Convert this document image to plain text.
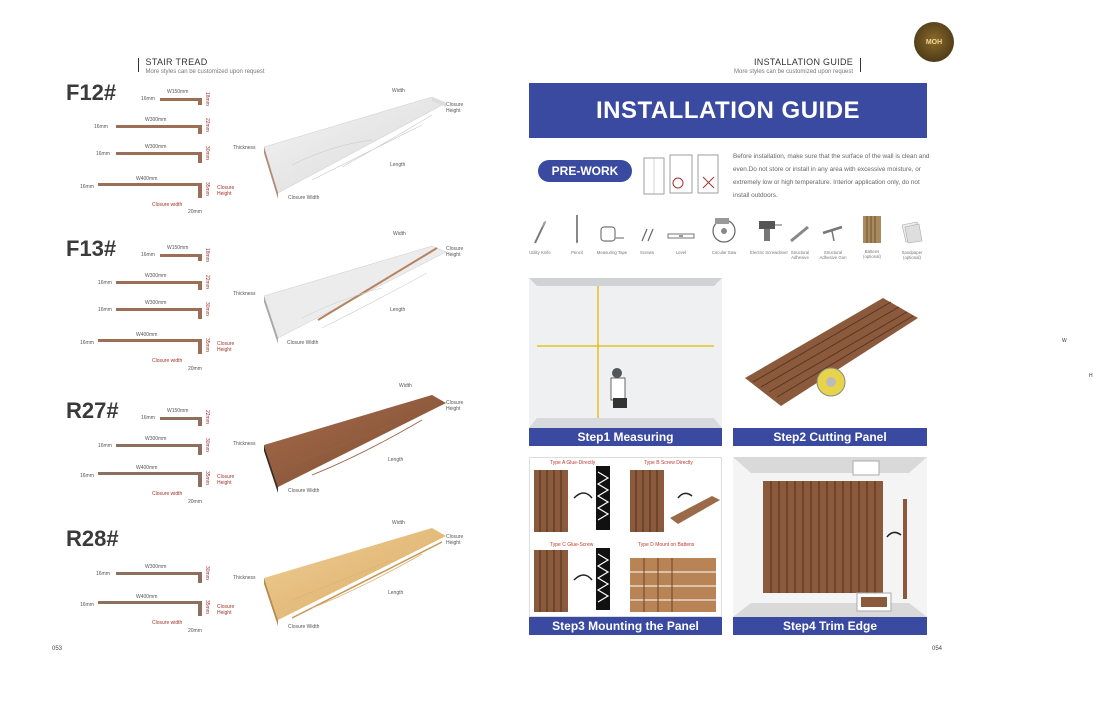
STAIR TREAD
More styles can be customized upon request
F12#	W150mm
16mm	18mm
W300mm
16mm	22mm
W300mm
16mm	30mm
W400mm
16mm	35mm Closure Height
Closure width
20mm
Width
Closure Height
Thickness
Length
Closure Width
F13#	W150mm
16mm	18mm
W300mm
16mm	22mm
W300mm
16mm	30mm
W400mm
16mm	35mm Closure Height
Closure width
20mm
Width
Closure Height
Thickness
Length
Closure Width
R27#	W150mm
16mm	22mm
W300mm
16mm	30mm
W400mm
16mm	35mm Closure Height
Closure width
20mm
Width
Closure Height
Thickness
Length
Closure Width
R28#
W300mm
16mm	30mm
W400mm
16mm	35mm Closure Height
Closure width
20mm
Width
Closure Height
Thickness
Length
Closure Width
053
INSTALLATION GUIDE
More styles can be customized upon request

MOH
INSTALLATION GUIDE
PRE-WORK
Before installation, make sure that the surface of the wall is clean and even.Do not store or install in any area with excessive moisture, or extremely low or high temperature. Interior application only, do not install outdoors.
Utility Knife	Pencil	Measuring Tape	Screws	Level	Circular Saw	Electric Screwdriver Structural Adhesive
Structural Adhesive Gun
Battens (optional)
Sandpaper (optional)
W
H
Step1 Measuring	Step2 Cutting Panel
Type A Glue-Directly	Type B Screw Directly
Type C Glue-Screw	Type D Mount on Battens
Step3 Mounting the Panel	Step4 Trim Edge
054
